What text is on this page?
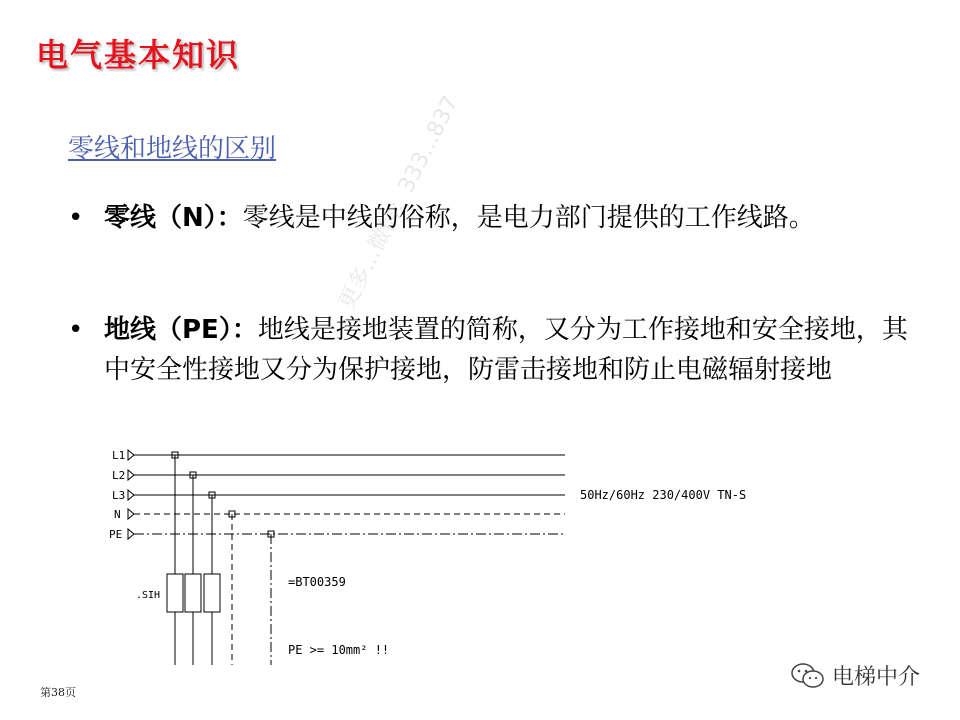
电气基本知识
零线和地线的区别
• 零线（N）：零线是中线的俗称，是电力部门提供的工作线路。
• 地线（PE）：地线是接地装置的简称，又分为工作接地和安全接地，其中安全性接地又分为保护接地，防雷击接地和防止电磁辐射接地
更多...微信：333...837
L1
L2
L3
N
PE
50Hz/60Hz 230/400V TN-S
.SIH
=BT00359
PE >= 10mm² !!
第38页
电梯中介
